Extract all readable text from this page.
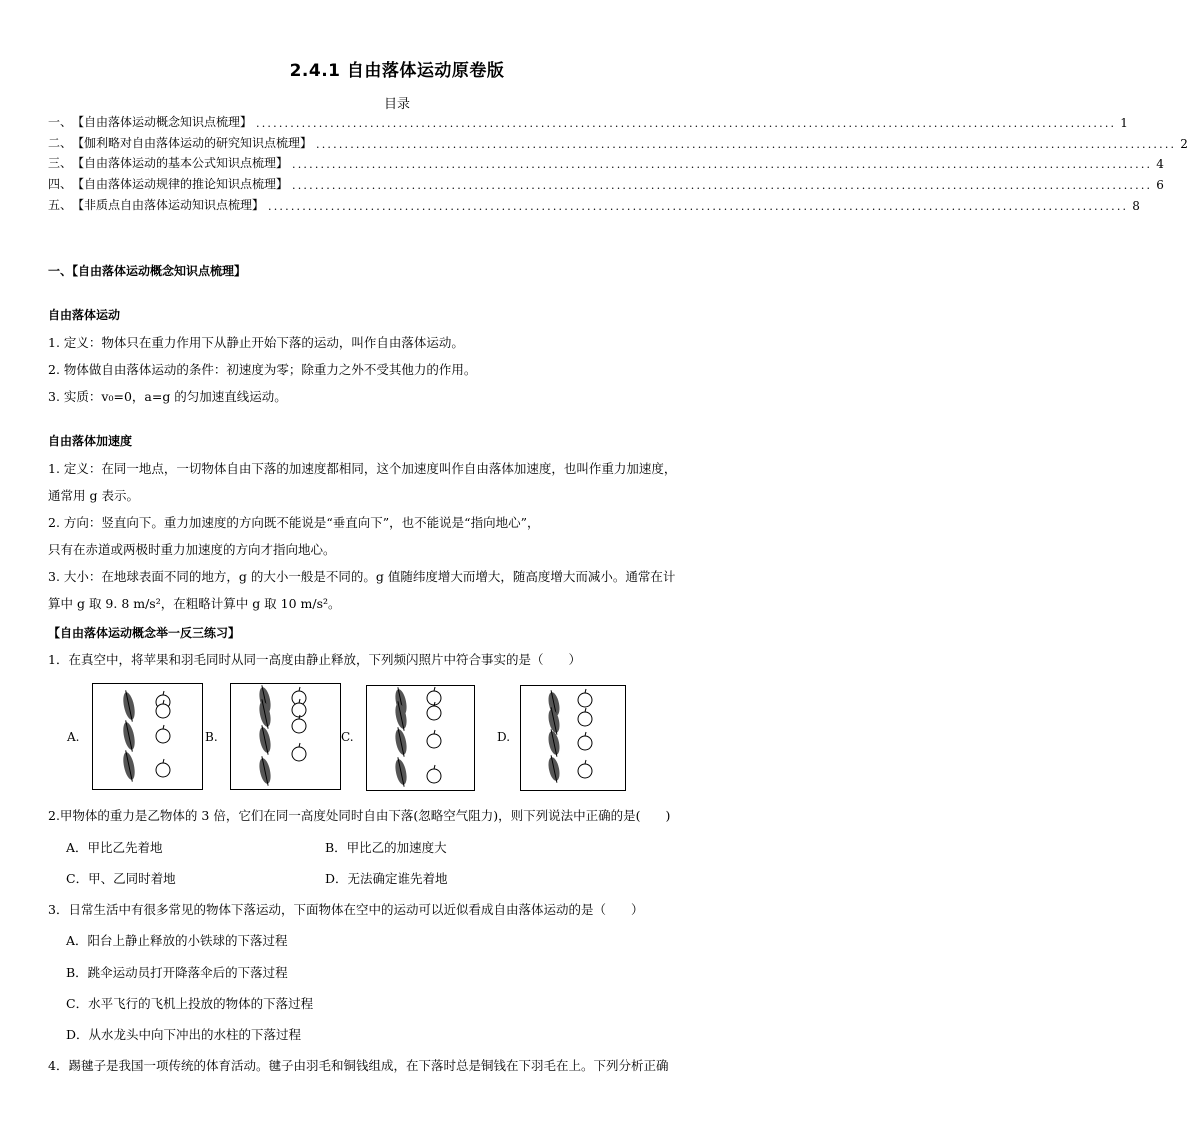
2.4.1 自由落体运动原卷版
目录
一、 【自由落体运动概念知识点梳理】 ....................................................................................................................................................... 1
二、 【伽利略对自由落体运动的研究知识点梳理】 ....................................................................................................................................................... 2
三、 【自由落体运动的基本公式知识点梳理】 ....................................................................................................................................................... 4
四、 【自由落体运动规律的推论知识点梳理】 ....................................................................................................................................................... 6
五、 【非质点自由落体运动知识点梳理】 ....................................................................................................................................................... 8
一、【自由落体运动概念知识点梳理】
自由落体运动
1. 定义：物体只在重力作用下从静止开始下落的运动，叫作自由落体运动。
2. 物体做自由落体运动的条件：初速度为零；除重力之外不受其他力的作用。
3. 实质：v₀=0，a=g 的匀加速直线运动。
自由落体加速度
1. 定义：在同一地点，一切物体自由下落的加速度都相同，这个加速度叫作自由落体加速度，也叫作重力加速度，
通常用 g 表示。
2. 方向：竖直向下。重力加速度的方向既不能说是“垂直向下”，也不能说是“指向地心”，
只有在赤道或两极时重力加速度的方向才指向地心。
3. 大小：在地球表面不同的地方，g 的大小一般是不同的。g 值随纬度增大而增大，随高度增大而减小。通常在计
算中 g 取 9. 8 m/s²，在粗略计算中 g 取 10 m/s²。
【自由落体运动概念举一反三练习】
1．在真空中，将苹果和羽毛同时从同一高度由静止释放，下列频闪照片中符合事实的是（　　）
A.	B.	C.	D.
2.甲物体的重力是乙物体的 3 倍，它们在同一高度处同时自由下落(忽略空气阻力)，则下列说法中正确的是(　　)
A．甲比乙先着地	B．甲比乙的加速度大
C．甲、乙同时着地	D．无法确定谁先着地
3．日常生活中有很多常见的物体下落运动，下面物体在空中的运动可以近似看成自由落体运动的是（　　）
A．阳台上静止释放的小铁球的下落过程
B．跳伞运动员打开降落伞后的下落过程
C．水平飞行的飞机上投放的物体的下落过程
D．从水龙头中向下冲出的水柱的下落过程
4．踢毽子是我国一项传统的体育活动。毽子由羽毛和铜钱组成，在下落时总是铜钱在下羽毛在上。下列分析正确
